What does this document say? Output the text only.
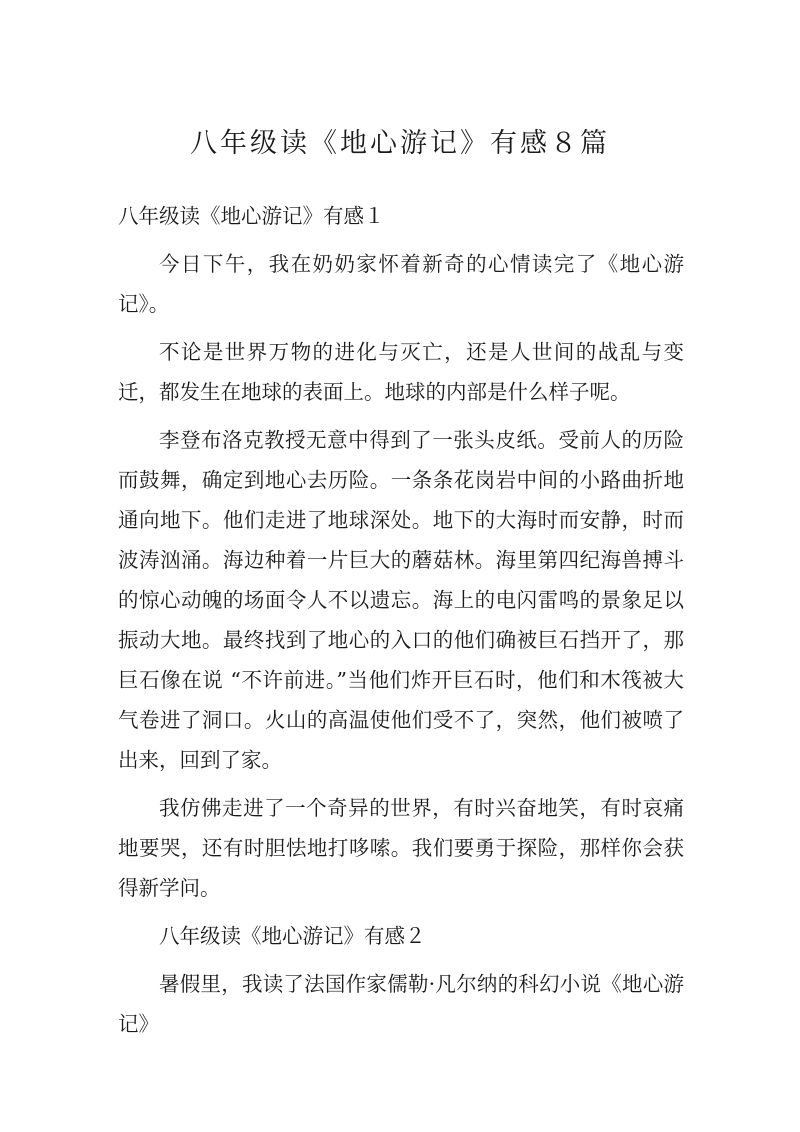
八年级读《地心游记》有感８篇

八年级读《地心游记》有感１

今日下午，我在奶奶家怀着新奇的心情读完了《地心游记》。

不论是世界万物的进化与灭亡，还是人世间的战乱与变迁，都发生在地球的表面上。地球的内部是什么样子呢。

李登布洛克教授无意中得到了一张头皮纸。受前人的历险而鼓舞，确定到地心去历险。一条条花岗岩中间的小路曲折地通向地下。他们走进了地球深处。地下的大海时而安静，时而波涛汹涌。海边种着一片巨大的蘑菇林。海里第四纪海兽搏斗的惊心动魄的场面令人不以遗忘。海上的电闪雷鸣的景象足以振动大地。最终找到了地心的入口的他们确被巨石挡开了，那巨石像在说 “不许前进。”当他们炸开巨石时，他们和木筏被大气卷进了洞口。火山的高温使他们受不了，突然，他们被喷了出来，回到了家。

我仿佛走进了一个奇异的世界，有时兴奋地笑，有时哀痛地要哭，还有时胆怯地打哆嗦。我们要勇于探险，那样你会获得新学问。

八年级读《地心游记》有感２

暑假里，我读了法国作家儒勒·凡尔纳的科幻小说《地心游记》
